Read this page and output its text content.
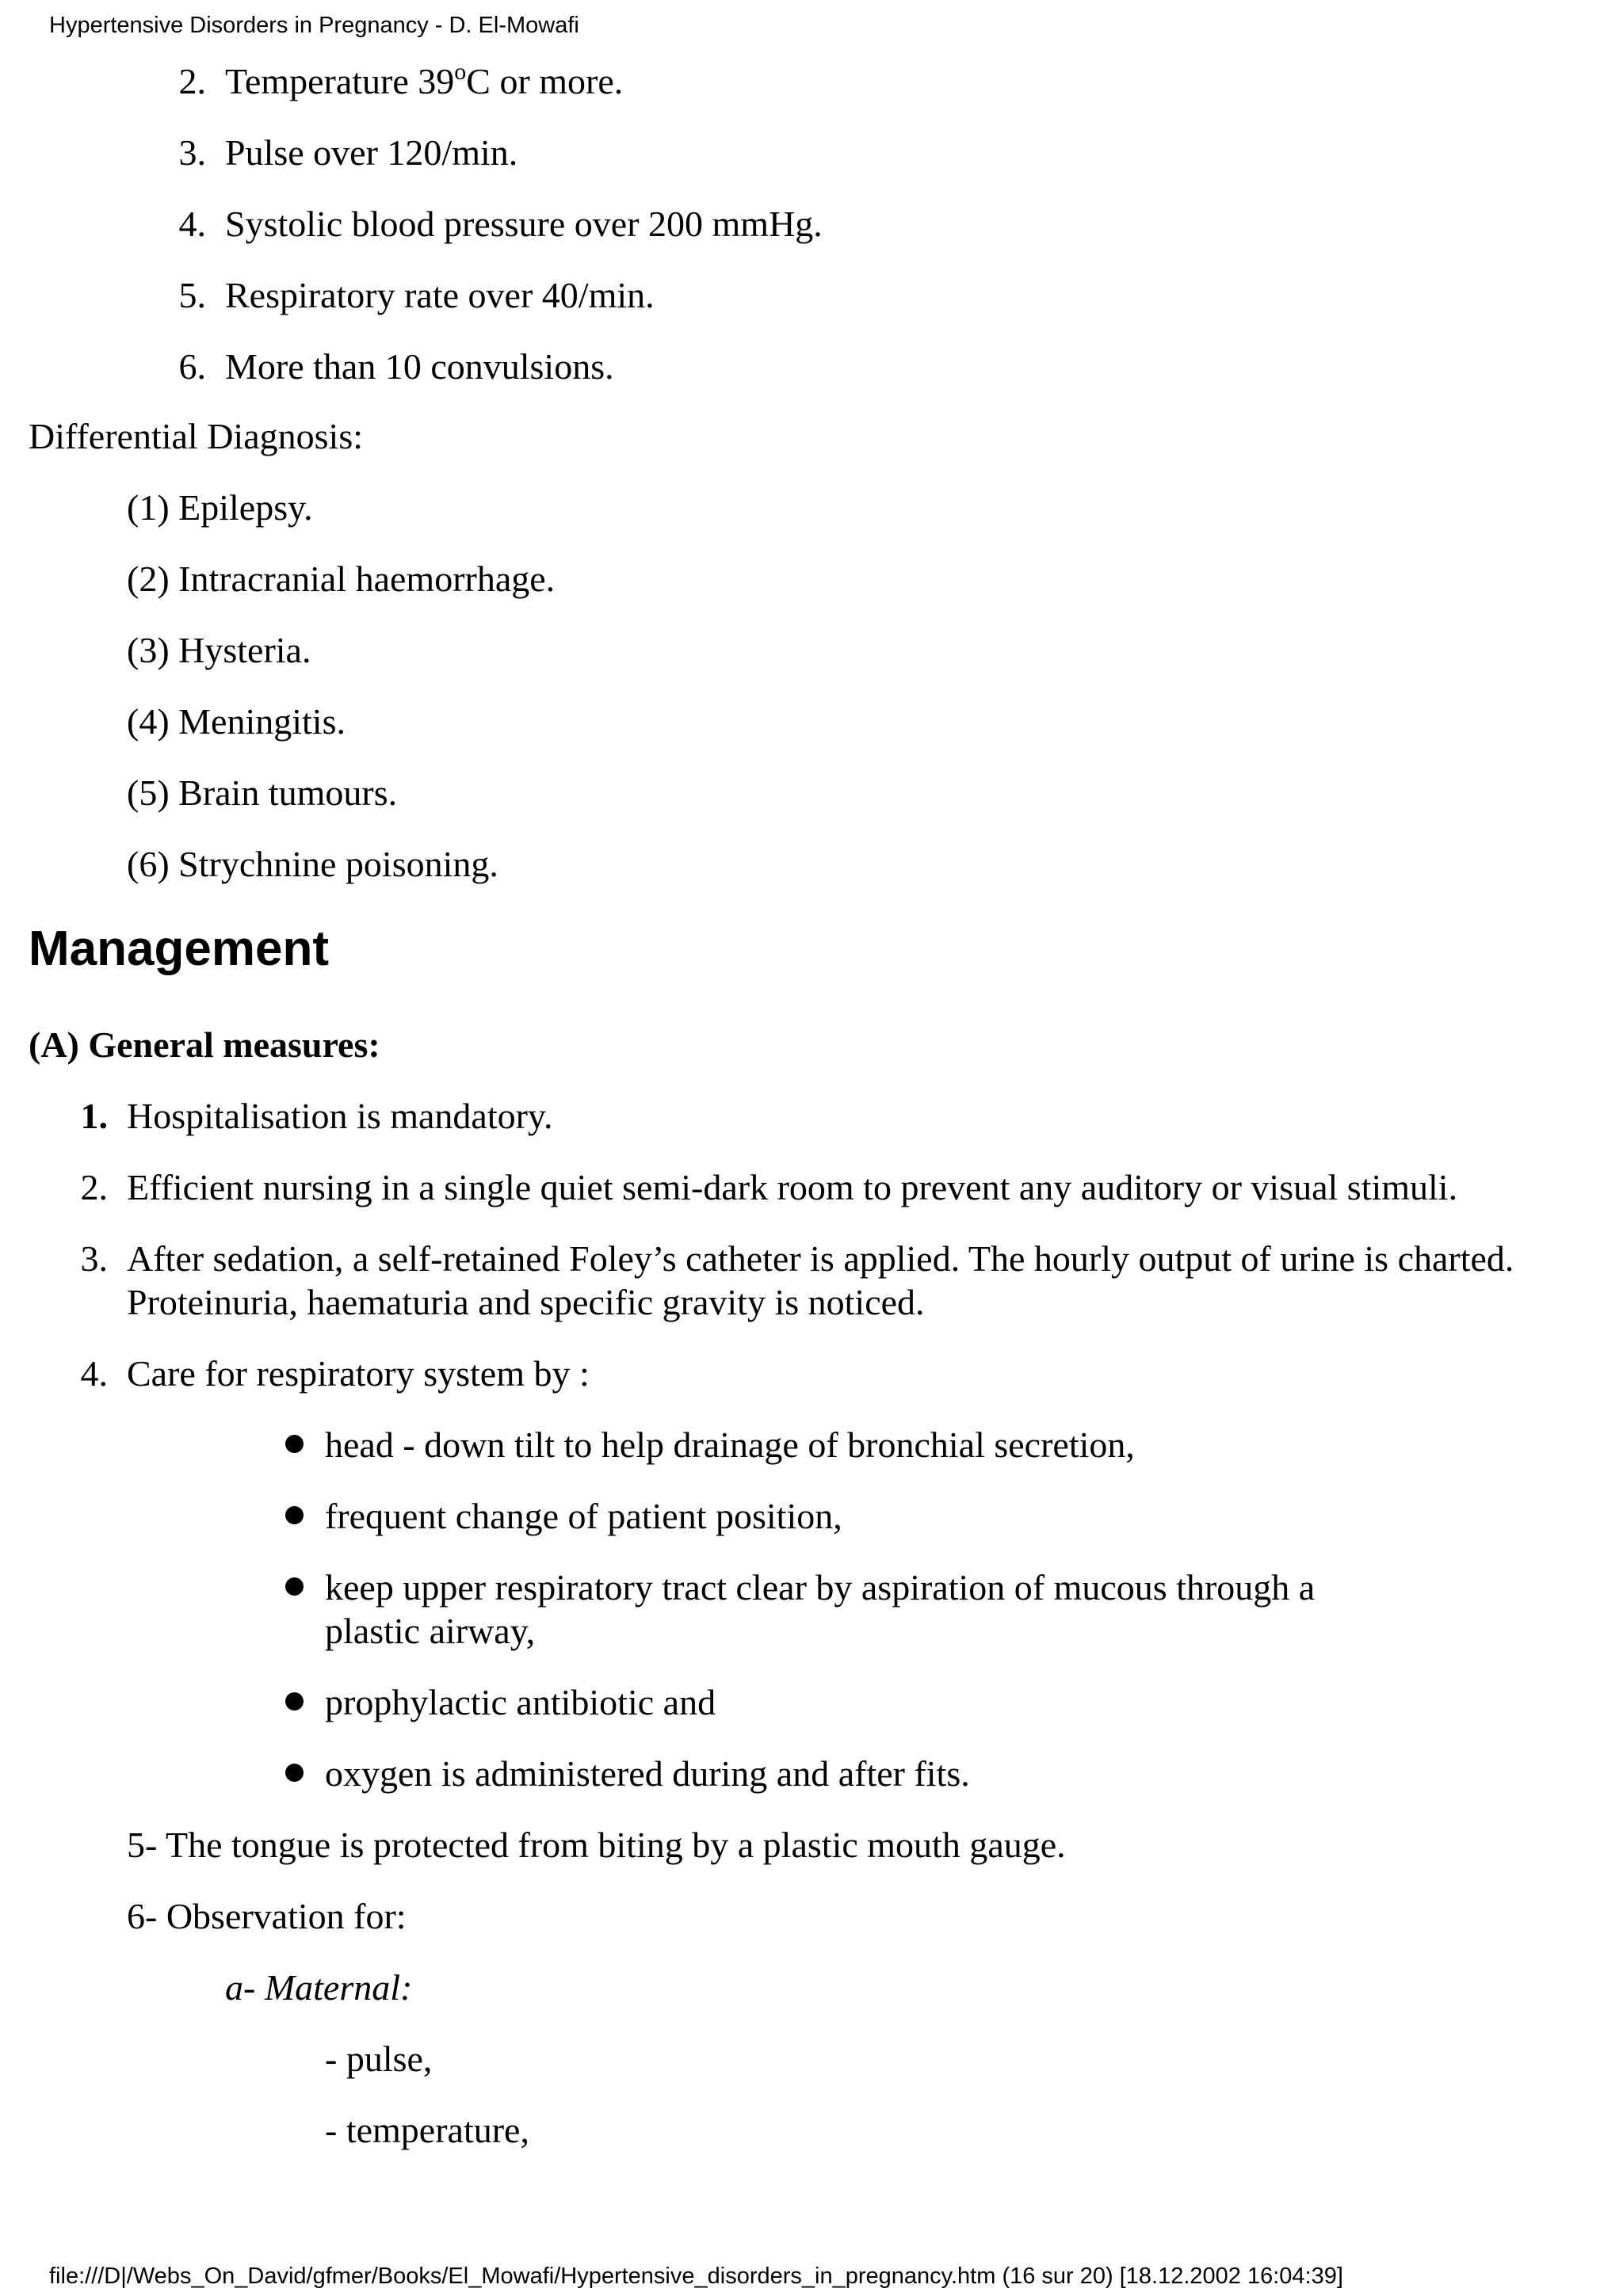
Hypertensive Disorders in Pregnancy - D. El-Mowafi
2. Temperature 39$^o$C or more.
3. Pulse over 120/min.
4. Systolic blood pressure over 200 mmHg.
5. Respiratory rate over 40/min.
6. More than 10 convulsions.
Differential Diagnosis:
(1) Epilepsy.
(2) Intracranial haemorrhage.
(3) Hysteria.
(4) Meningitis.
(5) Brain tumours.
(6) Strychnine poisoning.
Management
(A) General measures:
1. Hospitalisation is mandatory.
2. Efficient nursing in a single quiet semi-dark room to prevent any auditory or visual stimuli.
3. After sedation, a self-retained Foley’s catheter is applied. The hourly output of urine is charted.
Proteinuria, haematuria and specific gravity is noticed.
4. Care for respiratory system by :
head - down tilt to help drainage of bronchial secretion,
frequent change of patient position,
keep upper respiratory tract clear by aspiration of mucous through a
plastic airway,
prophylactic antibiotic and
oxygen is administered during and after fits.
5- The tongue is protected from biting by a plastic mouth gauge.
6- Observation for:
a- Maternal:
- pulse,
- temperature,
file:///D|/Webs_On_David/gfmer/Books/El_Mowafi/Hypertensive_disorders_in_pregnancy.htm (16 sur 20) [18.12.2002 16:04:39]
